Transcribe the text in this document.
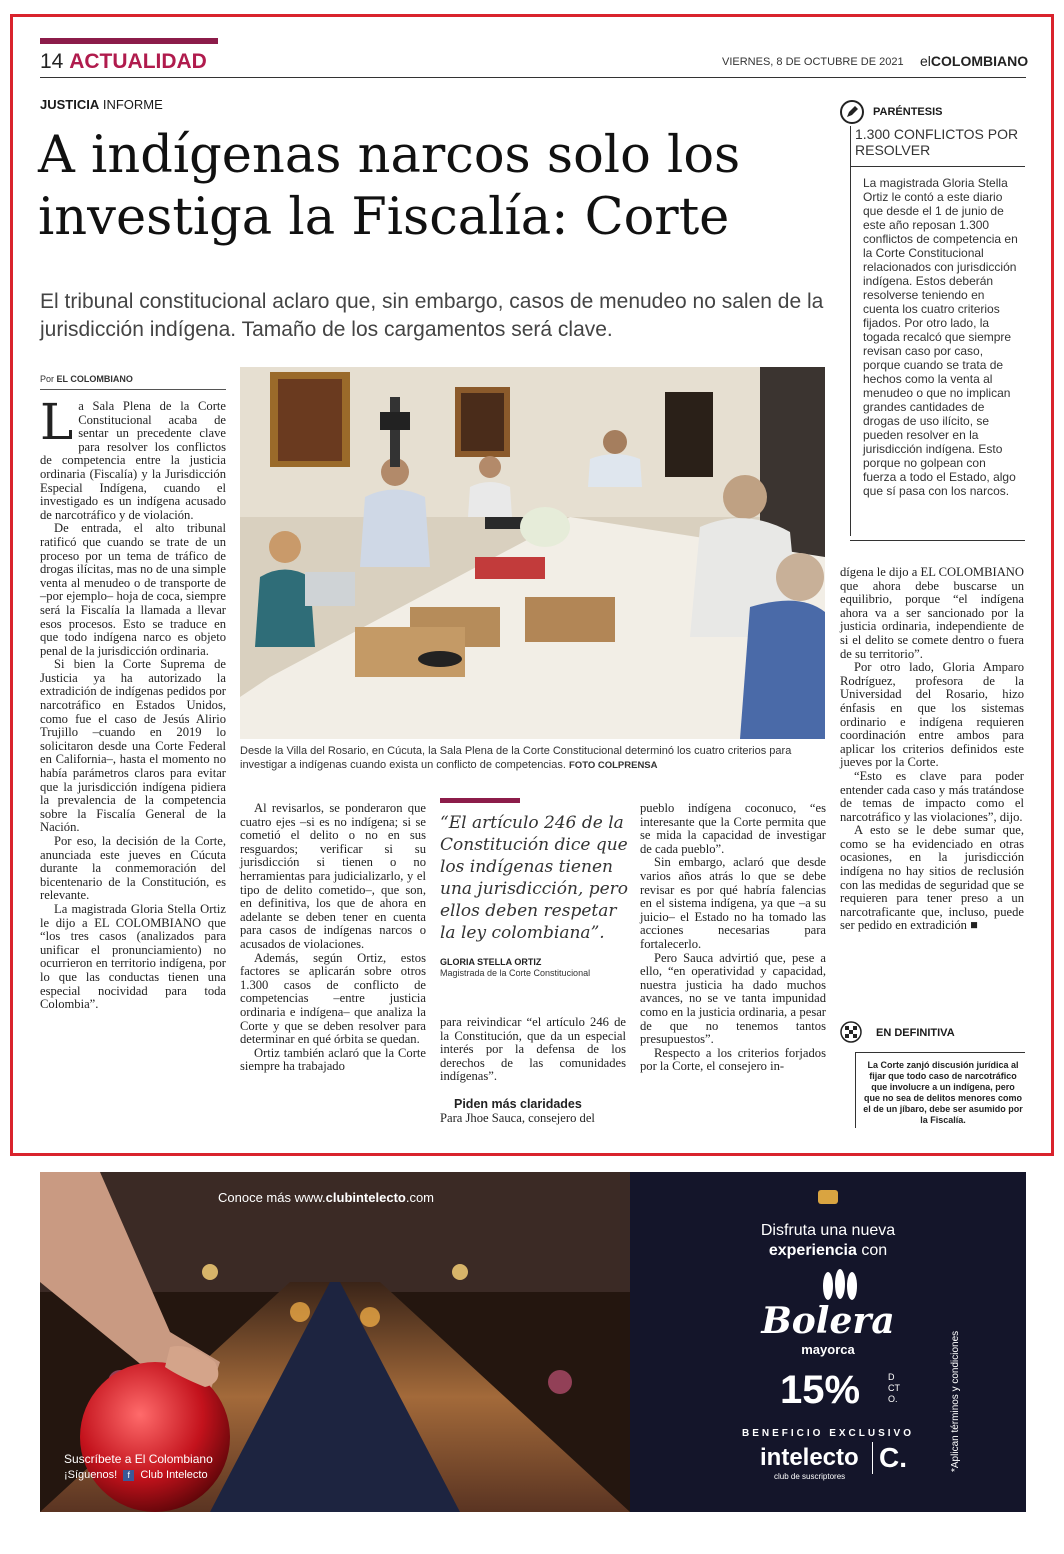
14 ACTUALIDAD	VIERNES, 8 DE OCTUBRE DE 2021 elCOLOMBIANO
JUSTICIA INFORME
A indígenas narcos solo los investiga la Fiscalía: Corte
El tribunal constitucional aclaro que, sin embargo, casos de menudeo no salen de la jurisdicción indígena. Tamaño de los cargamentos será clave.
Por EL COLOMBIANO

La Sala Plena de la Corte Constitucional acaba de sentar un precedente clave para resolver los conflictos de competencia entre la justicia ordinaria (Fiscalía) y la Jurisdicción Especial Indígena, cuando el investigado es un indígena acusado de narcotráfico y de violación.

De entrada, el alto tribunal ratificó que cuando se trate de un proceso por un tema de tráfico de drogas ilícitas, mas no de una simple venta al menudeo o de transporte de –por ejemplo– hoja de coca, siempre será la Fiscalía la llamada a llevar esos procesos. Esto se traduce en que todo indígena narco es objeto penal de la jurisdicción ordinaria.

Si bien la Corte Suprema de Justicia ya ha autorizado la extradición de indígenas pedidos por narcotráfico en Estados Unidos, como fue el caso de Jesús Alirio Trujillo –cuando en 2019 lo solicitaron desde una Corte Federal en California–, hasta el momento no había parámetros claros para evitar que la jurisdicción indígena pidiera la prevalencia de la competencia sobre la Fiscalía General de la Nación.

Por eso, la decisión de la Corte, anunciada este jueves en Cúcuta durante la conmemoración del bicentenario de la Constitución, es relevante.

La magistrada Gloria Stella Ortiz le dijo a EL COLOMBIANO que “los tres casos (analizados para unificar el pronunciamiento) no ocurrieron en territorio indígena, por lo que las conductas tienen una especial nocividad para toda Colombia”.

Desde la Villa del Rosario, en Cúcuta, la Sala Plena de la Corte Constitucional determinó los cuatro criterios para investigar a indígenas cuando exista un conflicto de competencias. FOTO COLPRENSA

Al revisarlos, se ponderaron que cuatro ejes –si es no indígena; si se cometió el delito o no en sus resguardos; verificar si su jurisdicción si tienen o no herramientas para judicializarlo, y el tipo de delito cometido–, que son, en definitiva, los que de ahora en adelante se deben tener en cuenta para casos de indígenas narcos o acusados de violaciones.

Además, según Ortiz, estos factores se aplicarán sobre otros 1.300 casos de conflicto de competencias –entre justicia ordinaria e indígena– que analiza la Corte y que se deben resolver para determinar en qué órbita se quedan.

Ortiz también aclaró que la Corte siempre ha trabajado

“El artículo 246 de la Constitución dice que los indígenas tienen una jurisdicción, pero ellos deben respetar la ley colombiana”.
GLORIA STELLA ORTIZ
Magistrada de la Corte Constitucional

para reivindicar “el artículo 246 de la Constitución, que da un especial interés por la defensa de los derechos de las comunidades indígenas”.

Piden más claridades

Para Jhoe Sauca, consejero del

pueblo indígena coconuco, “es interesante que la Corte permita que se mida la capacidad de investigar de cada pueblo”.

Sin embargo, aclaró que desde varios años atrás lo que se debe revisar es por qué habría falencias en el sistema indígena, ya que –a su juicio– el Estado no ha tomado las acciones necesarias para fortalecerlo.

Pero Sauca advirtió que, pese a ello, “en operatividad y capacidad, nuestra justicia ha dado muchos avances, no se ve tanta impunidad como en la justicia ordinaria, a pesar de que no tenemos tantos presupuestos”.

Respecto a los criterios forjados por la Corte, el consejero in-

PARÉNTESIS
1.300 CONFLICTOS POR RESOLVER
La magistrada Gloria Stella Ortiz le contó a este diario que desde el 1 de junio de este año reposan 1.300 conflictos de competencia en la Corte Constitucional relacionados con jurisdicción indígena. Estos deberán resolverse teniendo en cuenta los cuatro criterios fijados. Por otro lado, la togada recalcó que siempre revisan caso por caso, porque cuando se trata de hechos como la venta al menudeo o que no implican grandes cantidades de drogas de uso ilícito, se pueden resolver en la jurisdicción indígena. Esto porque no golpean con fuerza a todo el Estado, algo que sí pasa con los narcos.

dígena le dijo a EL COLOMBIANO que ahora debe buscarse un equilibrio, porque “el indígena ahora va a ser sancionado por la justicia ordinaria, independiente de si el delito se comete dentro o fuera de su territorio”.

Por otro lado, Gloria Amparo Rodríguez, profesora de la Universidad del Rosario, hizo énfasis en que los sistemas ordinario e indígena requieren coordinación entre ambos para aplicar los criterios definidos este jueves por la Corte.

“Esto es clave para poder entender cada caso y más tratándose de temas de impacto como el narcotráfico y las violaciones”, dijo.

A esto se le debe sumar que, como se ha evidenciado en otras ocasiones, en la jurisdicción indígena no hay sitios de reclusión con las medidas de seguridad que se requieren para tener preso a un narcotraficante que, incluso, puede ser pedido en extradición ■

EN DEFINITIVA
La Corte zanjó discusión jurídica al fijar que todo caso de narcotráfico que involucre a un indígena, pero que no sea de delitos menores como el de un jíbaro, debe ser asumido por la Fiscalía.
Conoce más www.clubintelecto.com
Suscríbete a El Colombiano
¡Síguenos! f Club Intelecto
Disfruta una nueva
experiencia con
Bolera
mayorca
15%	DCTO.
BENEFICIO EXCLUSIVO
intelecto
club de suscriptores
C.	*Aplican términos y condiciones
